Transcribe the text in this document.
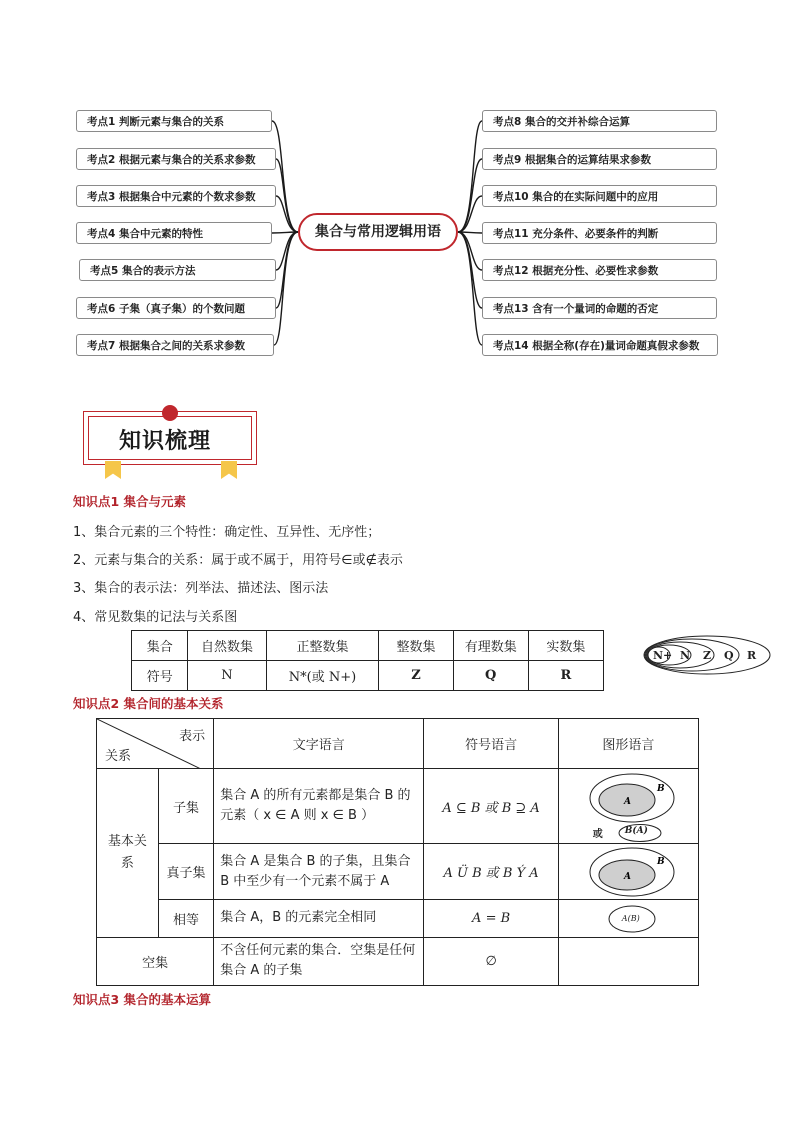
集合与常用逻辑用语
考点1 判断元素与集合的关系
考点2 根据元素与集合的关系求参数
考点3 根据集合中元素的个数求参数
考点4 集合中元素的特性
考点5 集合的表示方法
考点6 子集（真子集）的个数问题
考点7 根据集合之间的关系求参数
考点8 集合的交并补综合运算
考点9 根据集合的运算结果求参数
考点10 集合的在实际问题中的应用
考点11 充分条件、必要条件的判断
考点12 根据充分性、必要性求参数
考点13 含有一个量词的命题的否定
考点14 根据全称(存在)量词命题真假求参数
知识梳理
知识点1 集合与元素
1、集合元素的三个特性：确定性、互异性、无序性；
2、元素与集合的关系：属于或不属于，用符号∈或∉表示
3、集合的表示法：列举法、描述法、图示法
4、常见数集的记法与关系图
集合	自然数集	正整数集	整数集	有理数集	实数集
符号	N	N*(或 N+)	Z	Q	R
N+ N Z Q R
知识点2 集合间的基本关系
表示
关系		文字语言	符号语言	图形语言
基本关系	子集	集合 A 的所有元素都是集合 B 的元素（ x ∈ A 则 x ∈ B ）	A ⊆ B 或 B ⊇ A	A
B
或 B(A)

	真子集	集合 A 是集合 B 的子集，且集合 B 中至少有一个元素不属于 A	A Ü B 或 B Ý A	A
B

	相等	集合 A，B 的元素完全相同	A = B	A(B)

空集		不含任何元素的集合．空集是任何集合 A 的子集	∅	
知识点3 集合的基本运算
